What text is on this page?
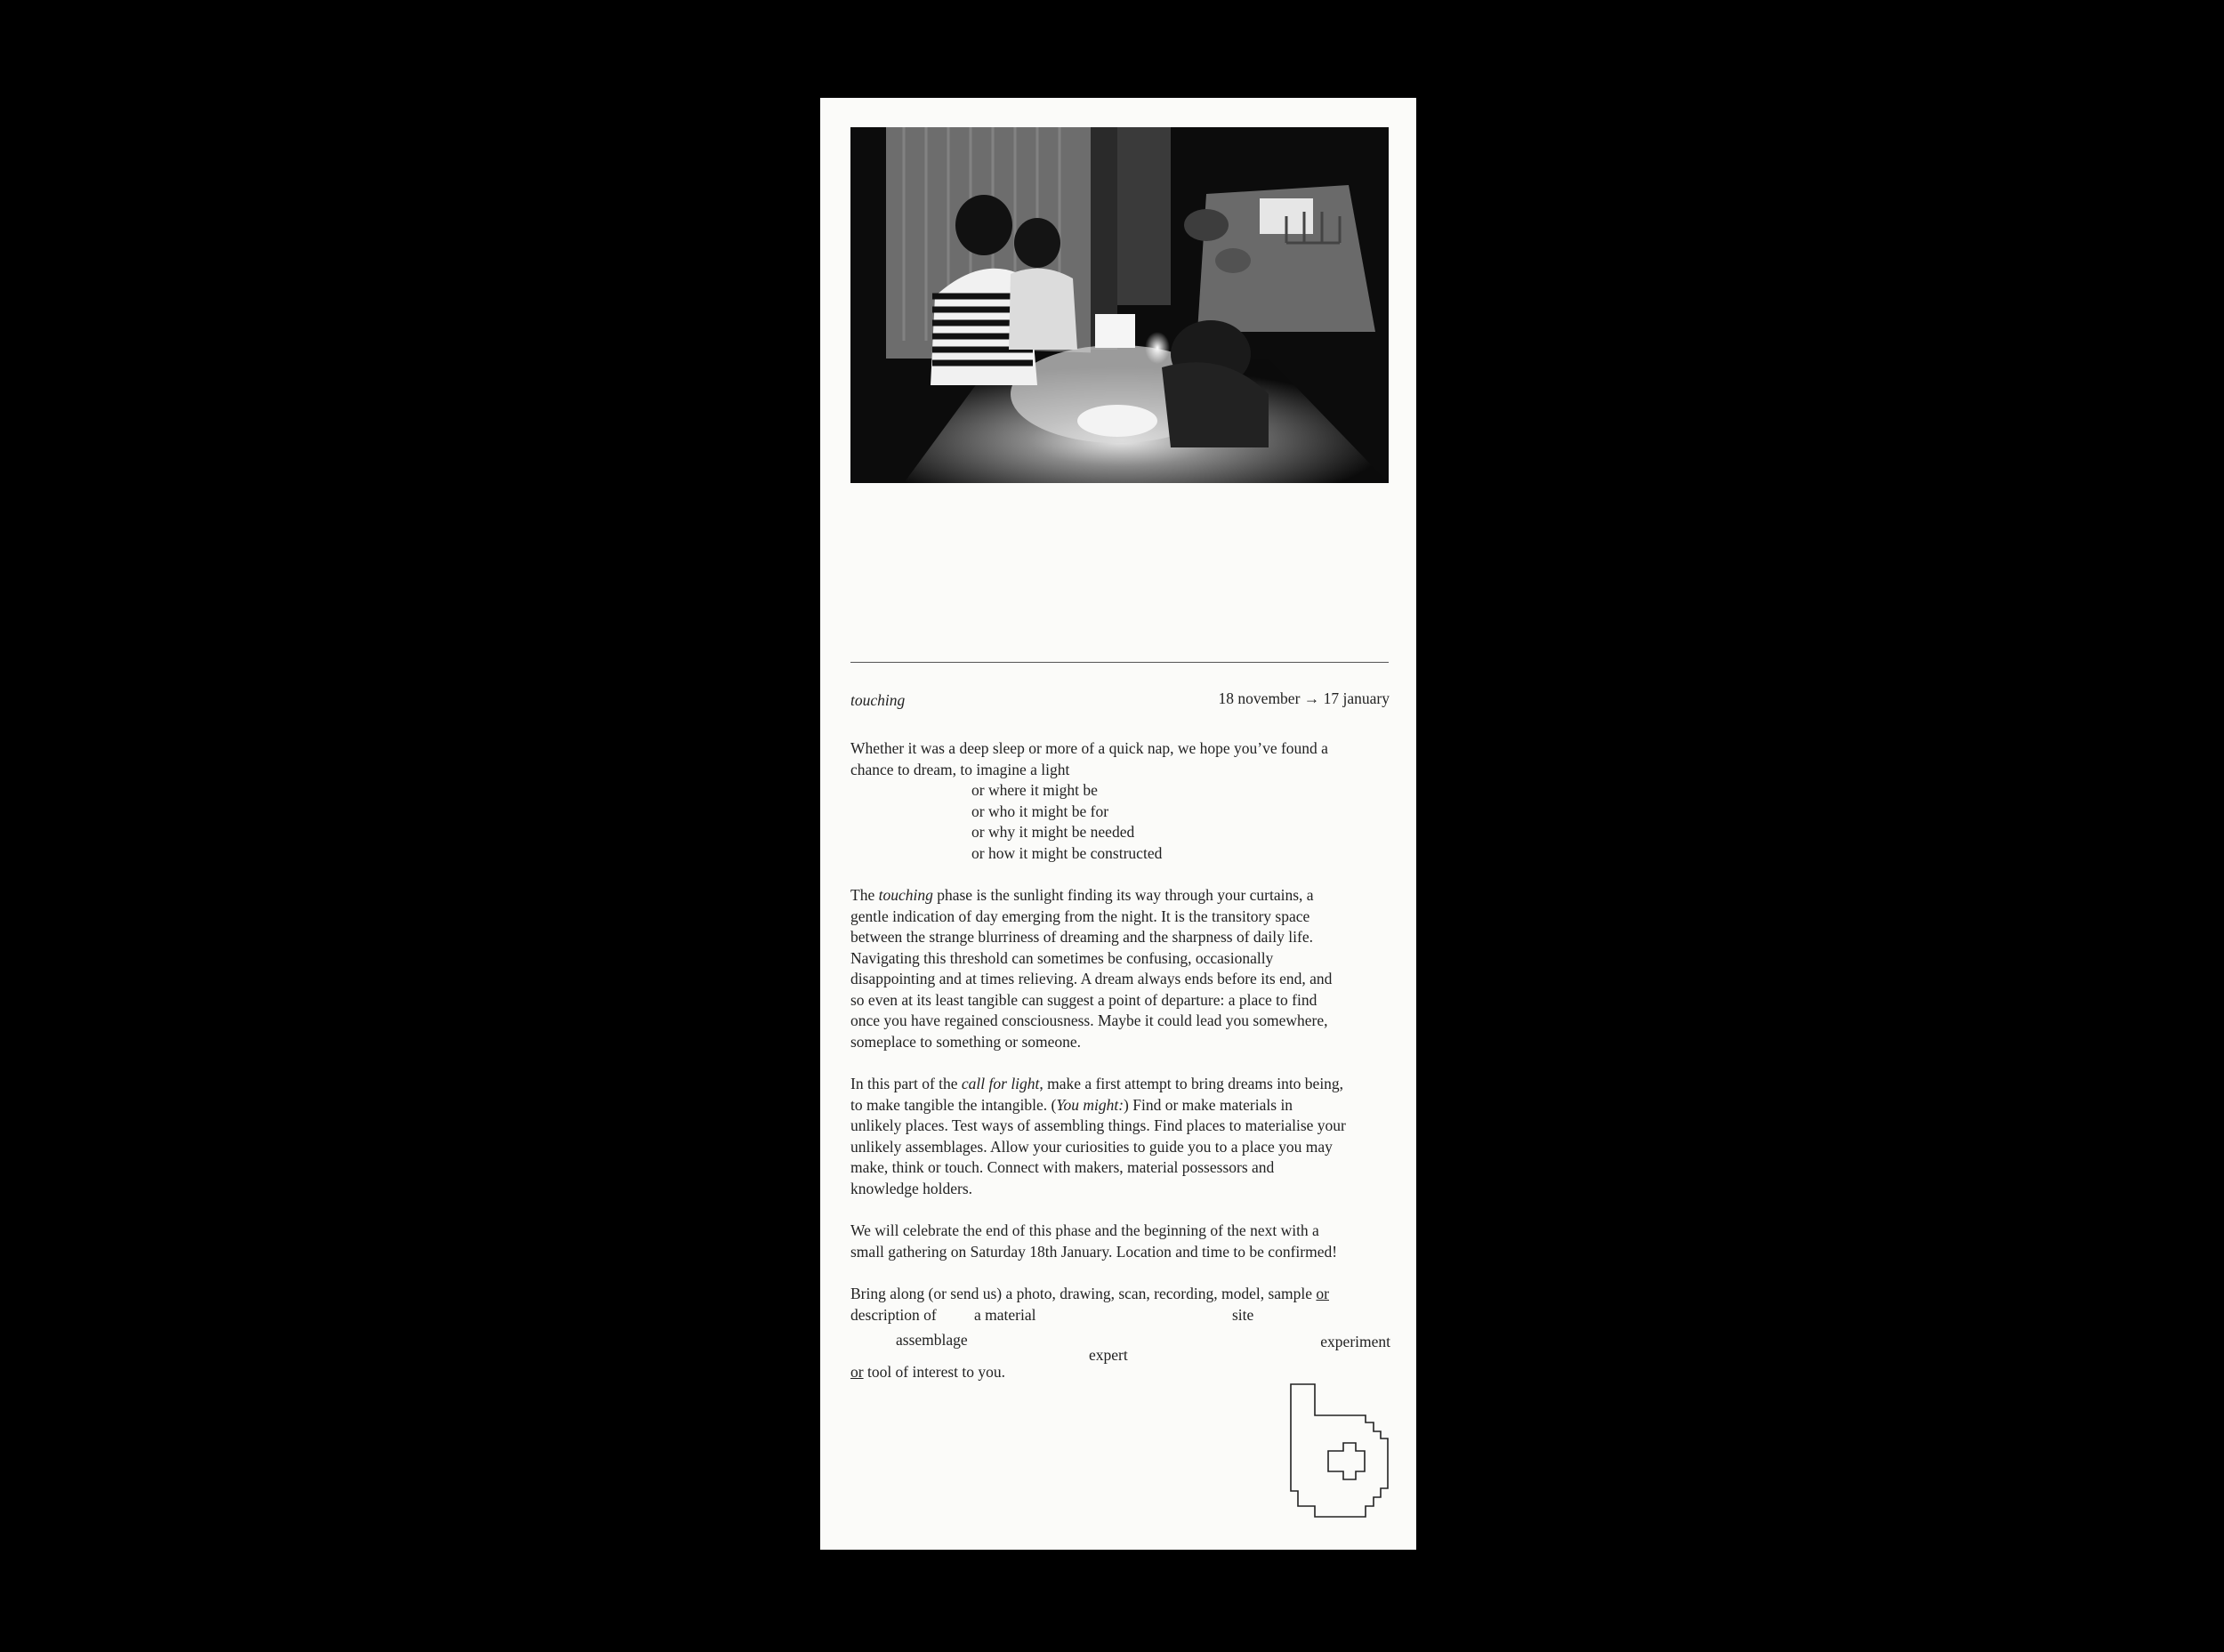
touching	18 november → 17 january
Whether it was a deep sleep or more of a quick nap, we hope you’ve found a
chance to dream, to imagine a light
or where it might be
or who it might be for
or why it might be needed
or how it might be constructed
The touching phase is the sunlight finding its way through your curtains, a
gentle indication of day emerging from the night. It is the transitory space
between the strange blurriness of dreaming and the sharpness of daily life.
Navigating this threshold can sometimes be confusing, occasionally
disappointing and at times relieving. A dream always ends before its end, and
so even at its least tangible can suggest a point of departure: a place to find
once you have regained consciousness. Maybe it could lead you somewhere,
someplace to something or someone.
In this part of the call for light, make a first attempt to bring dreams into being,
to make tangible the intangible. (You might:) Find or make materials in
unlikely places. Test ways of assembling things. Find places to materialise your
unlikely assemblages. Allow your curiosities to guide you to a place you may
make, think or touch. Connect with makers, material possessors and
knowledge holders.
We will celebrate the end of this phase and the beginning of the next with a
small gathering on Saturday 18th January. Location and time to be confirmed!
Bring along (or send us) a photo, drawing, scan, recording, model, sample or
description of a material	site
assemblage
expert
experiment
or tool of interest to you.
